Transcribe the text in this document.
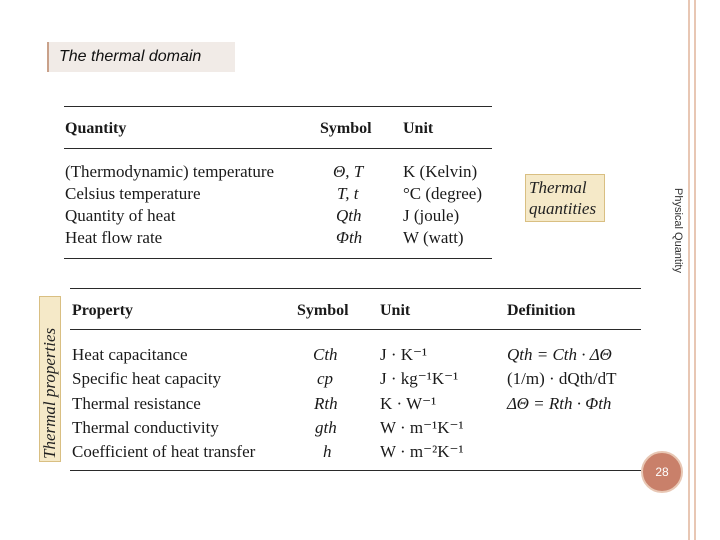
The thermal domain
Quantity	Symbol Unit
(Thermodynamic) temperature	Θ, T K (Kelvin)
Celsius temperature	T, t	°C (degree)
Quantity of heat	Qth J (joule)
Heat flow rate	Φth W (watt)
Thermal
quantities	Physical Quantity
Property	Symbol Unit	Definition
Heat capacitance	Cth J · K⁻¹	Qth = Cth · ΔΘ
Specific heat capacity	cp	J · kg⁻¹K⁻¹	(1/m) · dQth/dT
Thermal resistance	Rth K · W⁻¹	ΔΘ = Rth · Φth
Thermal conductivity	gth	W · m⁻¹K⁻¹
Coefficient of heat transfer	h	W · m⁻²K⁻¹
Thermal properties
28
